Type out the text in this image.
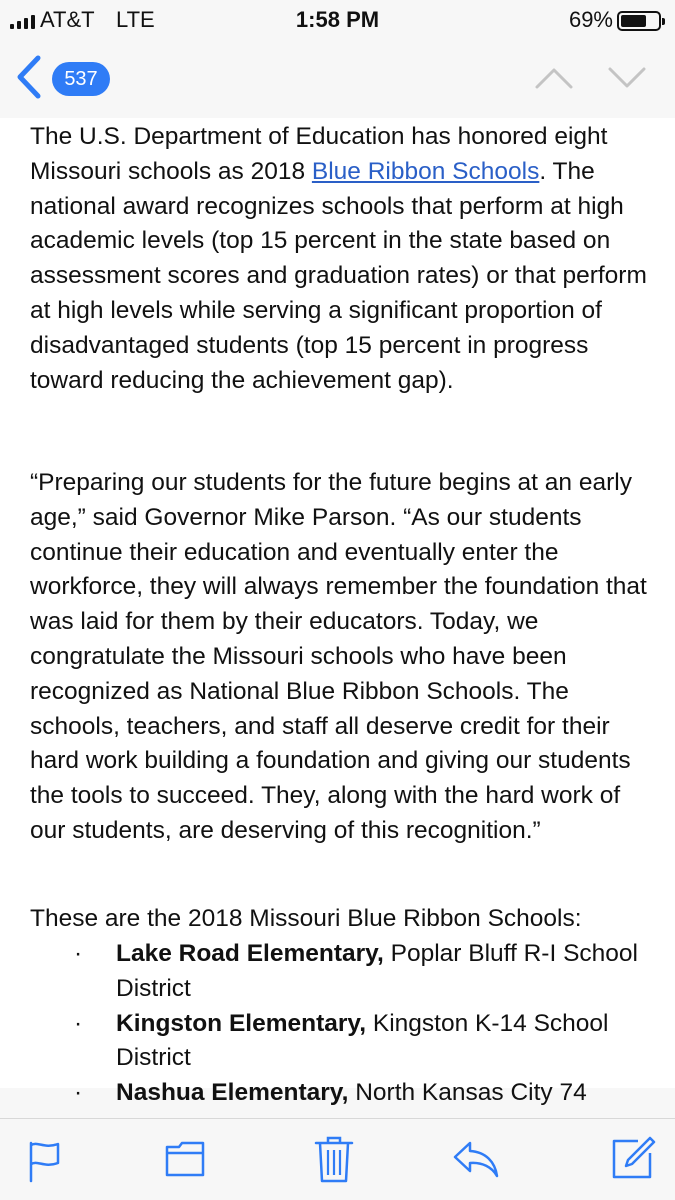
AT&T LTE	1:58 PM	69%
537

The U.S. Department of Education has honored eight Missouri schools as 2018 Blue Ribbon Schools. The national award recognizes schools that perform at high academic levels (top 15 percent in the state based on assessment scores and graduation rates) or that perform at high levels while serving a significant proportion of disadvantaged students (top 15 percent in progress toward reducing the achievement gap).

“Preparing our students for the future begins at an early age,” said Governor Mike Parson. “As our students continue their education and eventually enter the workforce, they will always remember the foundation that was laid for them by their educators. Today, we congratulate the Missouri schools who have been recognized as National Blue Ribbon Schools. The schools, teachers, and staff all deserve credit for their hard work building a foundation and giving our students the tools to succeed. They, along with the hard work of our students, are deserving of this recognition.”

These are the 2018 Missouri Blue Ribbon Schools:

· Lake Road Elementary, Poplar Bluff R-I School District
· Kingston Elementary, Kingston K-14 School District
· Nashua Elementary, North Kansas City 74
